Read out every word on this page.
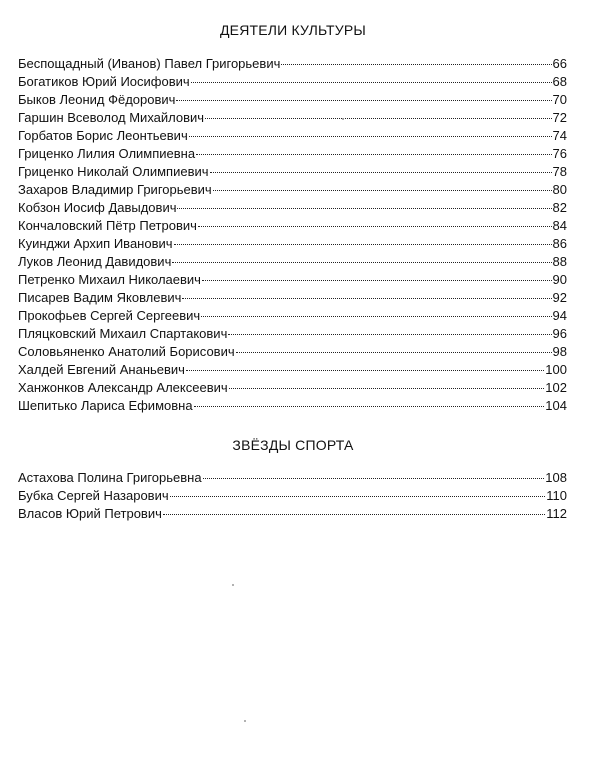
ДЕЯТЕЛИ КУЛЬТУРЫ
Беспощадный (Иванов) Павел Григорьевич	66
Богатиков Юрий Иосифович	68
Быков Леонид Фёдорович	70
Гаршин Всеволод Михайлович	72
Горбатов Борис Леонтьевич	74
Гриценко Лилия Олимпиевна	76
Гриценко Николай Олимпиевич	78
Захаров Владимир Григорьевич	80
Кобзон Иосиф Давыдович	82
Кончаловский Пётр Петрович	84
Куинджи Архип Иванович	86
Луков Леонид Давидович	88
Петренко Михаил Николаевич	90
Писарев Вадим Яковлевич	92
Прокофьев Сергей Сергеевич	94
Пляцковский Михаил Спартакович	96
Соловьяненко Анатолий Борисович	98
Халдей Евгений Ананьевич	100
Ханжонков Александр Алексеевич	102
Шепитько Лариса Ефимовна	104
ЗВЁЗДЫ СПОРТА
Астахова Полина Григорьевна	108
Бубка Сергей Назарович	110
Власов Юрий Петрович	112
